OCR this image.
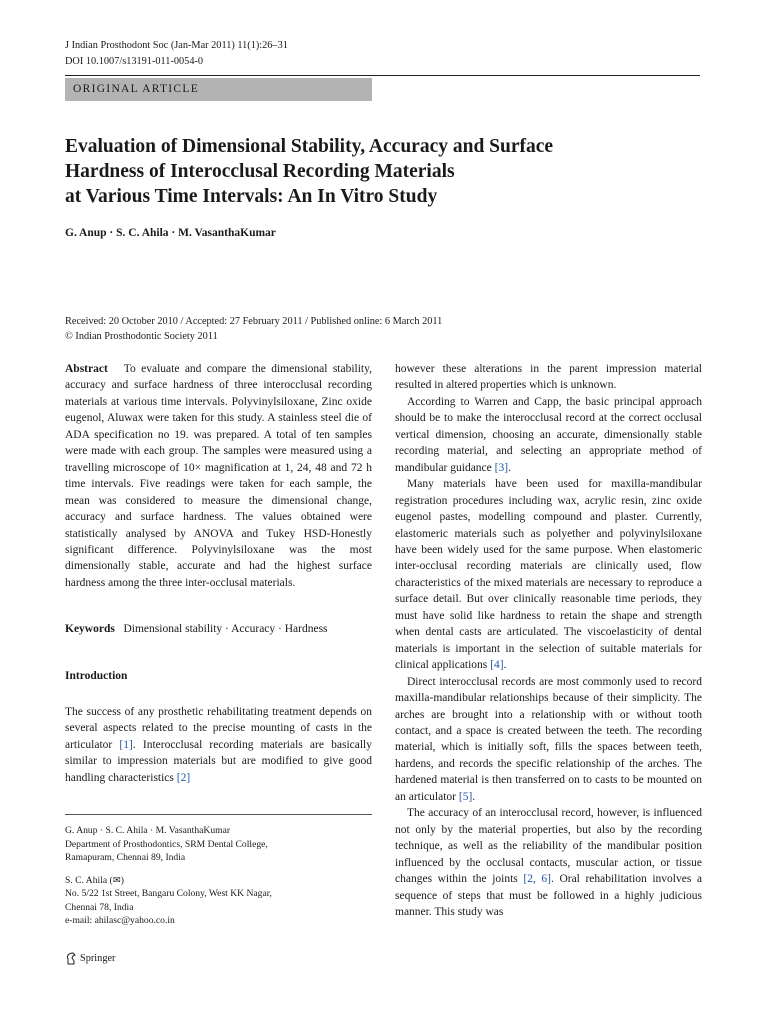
J Indian Prosthodont Soc (Jan-Mar 2011) 11(1):26–31
DOI 10.1007/s13191-011-0054-0
ORIGINAL ARTICLE
Evaluation of Dimensional Stability, Accuracy and Surface
Hardness of Interocclusal Recording Materials
at Various Time Intervals: An In Vitro Study
G. Anup · S. C. Ahila · M. VasanthaKumar
Received: 20 October 2010 / Accepted: 27 February 2011 / Published online: 6 March 2011
© Indian Prosthodontic Society 2011

Abstract To evaluate and compare the dimensional stability, accuracy and surface hardness of three interocclusal recording materials at various time intervals. Polyvinylsiloxane, Zinc oxide eugenol, Aluwax were taken for this study. A stainless steel die of ADA specification no 19. was prepared. A total of ten samples were made with each group. The samples were measured using a travelling microscope of 10× magnification at 1, 24, 48 and 72 h time intervals. Five readings were taken for each sample, the mean was considered to measure the dimensional change, accuracy and surface hardness. The values obtained were statistically analysed by ANOVA and Tukey HSD-Honestly significant difference. Polyvinylsiloxane was the most dimensionally stable, accurate and had the highest surface hardness among the three inter-occlusal materials.

Keywords Dimensional stability · Accuracy · Hardness
Introduction

The success of any prosthetic rehabilitating treatment depends on several aspects related to the precise mounting of casts in the articulator [1]. Interocclusal recording materials are basically similar to impression materials but are modified to give good handling characteristics [2]

however these alterations in the parent impression material resulted in altered properties which is unknown.

According to Warren and Capp, the basic principal approach should be to make the interocclusal record at the correct occlusal vertical dimension, choosing an accurate, dimensionally stable recording material, and selecting an appropriate method of mandibular guidance [3].

Many materials have been used for maxilla-mandibular registration procedures including wax, acrylic resin, zinc oxide eugenol pastes, modelling compound and plaster. Currently, elastomeric materials such as polyether and polyvinylsiloxane have been widely used for the same purpose. When elastomeric inter-occlusal recording materials are clinically used, flow characteristics of the mixed materials are necessary to reproduce a surface detail. But over clinically reasonable time periods, they must have solid like hardness to retain the shape and strength when dental casts are articulated. The viscoelasticity of dental materials is important in the selection of suitable materials for clinical applications [4].

Direct interocclusal records are most commonly used to record maxilla-mandibular relationships because of their simplicity. The arches are brought into a relationship with or without tooth contact, and a space is created between the teeth. The recording material, which is initially soft, fills the spaces between teeth, hardens, and records the specific relationship of the arches. The hardened material is then transferred on to casts to be mounted on an articulator [5].

The accuracy of an interocclusal record, however, is influenced not only by the material properties, but also by the recording technique, as well as the reliability of the mandibular position influenced by the occlusal contacts, muscular action, or tissue changes within the joints [2, 6]. Oral rehabilitation involves a sequence of steps that must be followed in a highly judicious manner. This study was

G. Anup · S. C. Ahila · M. VasanthaKumar
Department of Prosthodontics, SRM Dental College,
Ramapuram, Chennai 89, India

S. C. Ahila (✉)
No. 5/22 1st Street, Bangaru Colony, West KK Nagar,
Chennai 78, India
e-mail: ahilasc@yahoo.co.in

Springer
